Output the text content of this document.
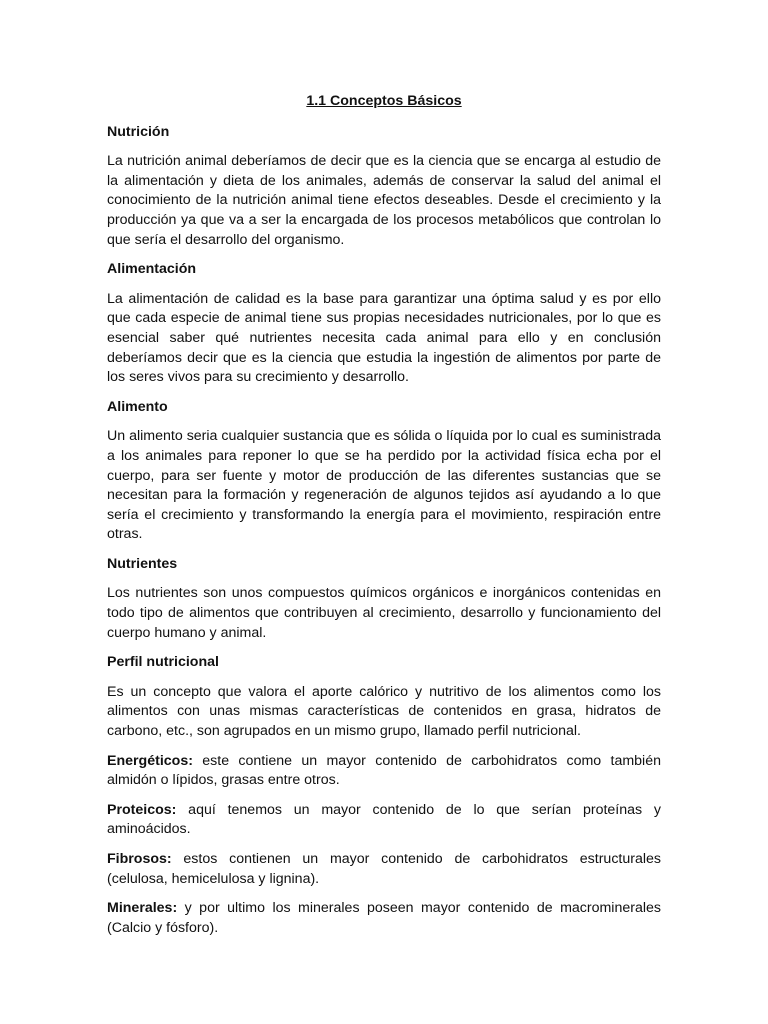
1.1 Conceptos Básicos
Nutrición
La nutrición animal deberíamos de decir que es la ciencia que se encarga al estudio de la alimentación y dieta de los animales, además de conservar la salud del animal el conocimiento de la nutrición animal tiene efectos deseables. Desde el crecimiento y la producción ya que va a ser la encargada de los procesos metabólicos que controlan lo que sería el desarrollo del organismo.
Alimentación
La alimentación de calidad es la base para garantizar una óptima salud y es por ello que cada especie de animal tiene sus propias necesidades nutricionales, por lo que es esencial saber qué nutrientes necesita cada animal para ello y en conclusión deberíamos decir que es la ciencia que estudia la ingestión de alimentos por parte de los seres vivos para su crecimiento y desarrollo.
Alimento
Un alimento seria cualquier sustancia que es sólida o líquida por lo cual es suministrada a los animales para reponer lo que se ha perdido por la actividad física echa por el cuerpo, para ser fuente y motor de producción de las diferentes sustancias que se necesitan para la formación y regeneración de algunos tejidos así ayudando a lo que sería el crecimiento y transformando la energía para el movimiento, respiración entre otras.
Nutrientes
Los nutrientes son unos compuestos químicos orgánicos e inorgánicos contenidas en todo tipo de alimentos que contribuyen al crecimiento, desarrollo y funcionamiento del cuerpo humano y animal.
Perfil nutricional
Es un concepto que valora el aporte calórico y nutritivo de los alimentos como los alimentos con unas mismas características de contenidos en grasa, hidratos de carbono, etc., son agrupados en un mismo grupo, llamado perfil nutricional.
Energéticos: este contiene un mayor contenido de carbohidratos como también almidón o lípidos, grasas entre otros.
Proteicos: aquí tenemos un mayor contenido de lo que serían proteínas y aminoácidos.
Fibrosos: estos contienen un mayor contenido de carbohidratos estructurales (celulosa, hemicelulosa y lignina).
Minerales: y por ultimo los minerales poseen mayor contenido de macrominerales (Calcio y fósforo).
